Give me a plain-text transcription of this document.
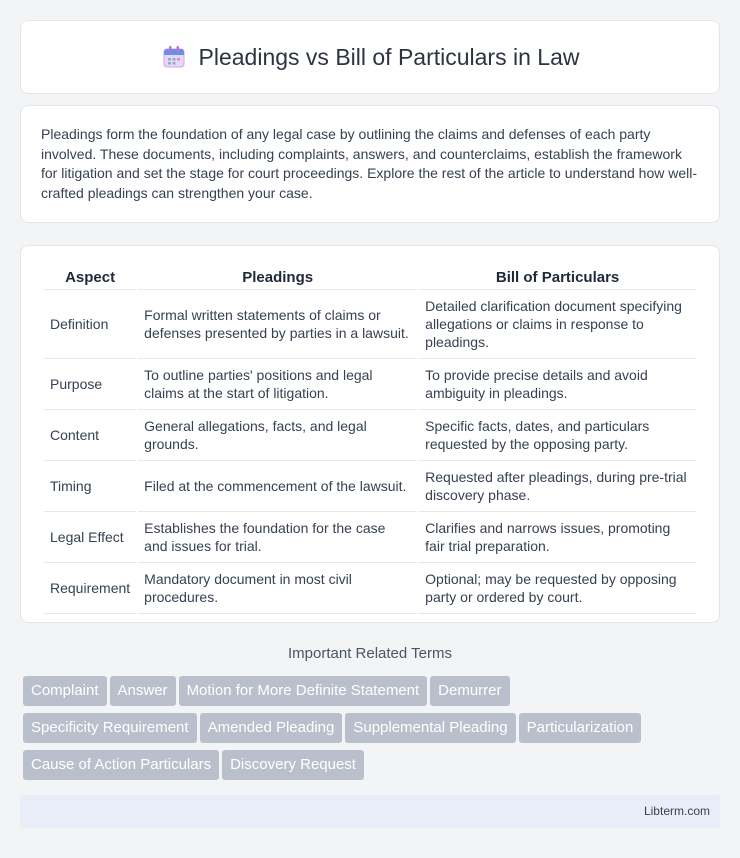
Pleadings vs Bill of Particulars in Law

Pleadings form the foundation of any legal case by outlining the claims and defenses of each party involved. These documents, including complaints, answers, and counterclaims, establish the framework for litigation and set the stage for court proceedings. Explore the rest of the article to understand how well-crafted pleadings can strengthen your case.

Aspect	Pleadings	Bill of Particulars
Definition	Formal written statements of claims or defenses presented by parties in a lawsuit.	Detailed clarification document specifying allegations or claims in response to pleadings.
Purpose	To outline parties' positions and legal claims at the start of litigation.	To provide precise details and avoid ambiguity in pleadings.
Content	General allegations, facts, and legal grounds.	Specific facts, dates, and particulars requested by the opposing party.
Timing	Filed at the commencement of the lawsuit.	Requested after pleadings, during pre-trial discovery phase.
Legal Effect	Establishes the foundation for the case and issues for trial.	Clarifies and narrows issues, promoting fair trial preparation.
Requirement	Mandatory document in most civil procedures.	Optional; may be requested by opposing party or ordered by court.
Important Related Terms
Complaint Answer Motion for More Definite Statement Demurrer
Specificity Requirement Amended Pleading Supplemental Pleading Particularization
Cause of Action Particulars Discovery Request
Libterm.com
